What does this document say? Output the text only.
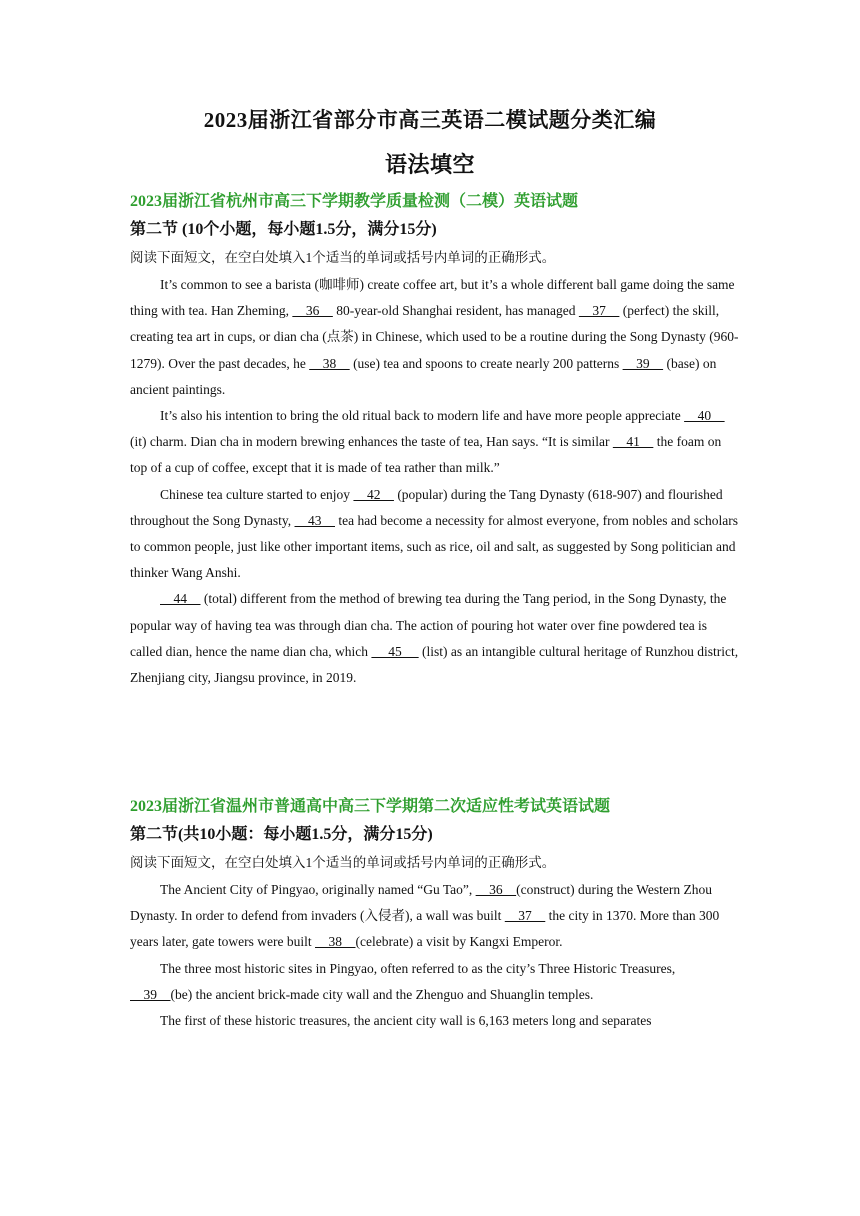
2023届浙江省部分市高三英语二模试题分类汇编
语法填空

2023届浙江省杭州市高三下学期教学质量检测（二模）英语试题

第二节 (10个小题，每小题1.5分，满分15分)

阅读下面短文，在空白处填入1个适当的单词或括号内单词的正确形式。

It’s common to see a barista (咖啡师) create coffee art, but it’s a whole different ball game doing the same thing with tea. Han Zheming,     36     80-year-old Shanghai resident, has managed     37     (perfect) the skill, creating tea art in cups, or dian cha (点茶) in Chinese, which used to be a routine during the Song Dynasty (960-1279). Over the past decades, he     38     (use) tea and spoons to create nearly 200 patterns     39     (base) on ancient paintings.

It’s also his intention to bring the old ritual back to modern life and have more people appreciate     40     (it) charm. Dian cha in modern brewing enhances the taste of tea, Han says. “It is similar     41     the foam on top of a cup of coffee, except that it is made of tea rather than milk.”

Chinese tea culture started to enjoy     42     (popular) during the Tang Dynasty (618-907) and flourished throughout the Song Dynasty,     43     tea had become a necessity for almost everyone, from nobles and scholars to common people, just like other important items, such as rice, oil and salt, as suggested by Song politician and thinker Wang Anshi.

44     (total) different from the method of brewing tea during the Tang period, in the Song Dynasty, the popular way of having tea was through dian cha. The action of pouring hot water over fine powdered tea is called dian, hence the name dian cha, which      45      (list) as an intangible cultural heritage of Runzhou district, Zhenjiang city, Jiangsu province, in 2019.

2023届浙江省温州市普通高中高三下学期第二次适应性考试英语试题

第二节(共10小题：每小题1.5分，满分15分)

阅读下面短文，在空白处填入1个适当的单词或括号内单词的正确形式。

The Ancient City of Pingyao, originally named “Gu Tao”,     36    (construct) during the Western Zhou Dynasty. In order to defend from invaders (入侵者), a wall was built     37     the city in 1370. More than 300 years later, gate towers were built     38    (celebrate) a visit by Kangxi Emperor.

The three most historic sites in Pingyao, often referred to as the city’s Three Historic Treasures,     39    (be) the ancient brick-made city wall and the Zhenguo and Shuanglin temples.

The first of these historic treasures, the ancient city wall is 6,163 meters long and separates
